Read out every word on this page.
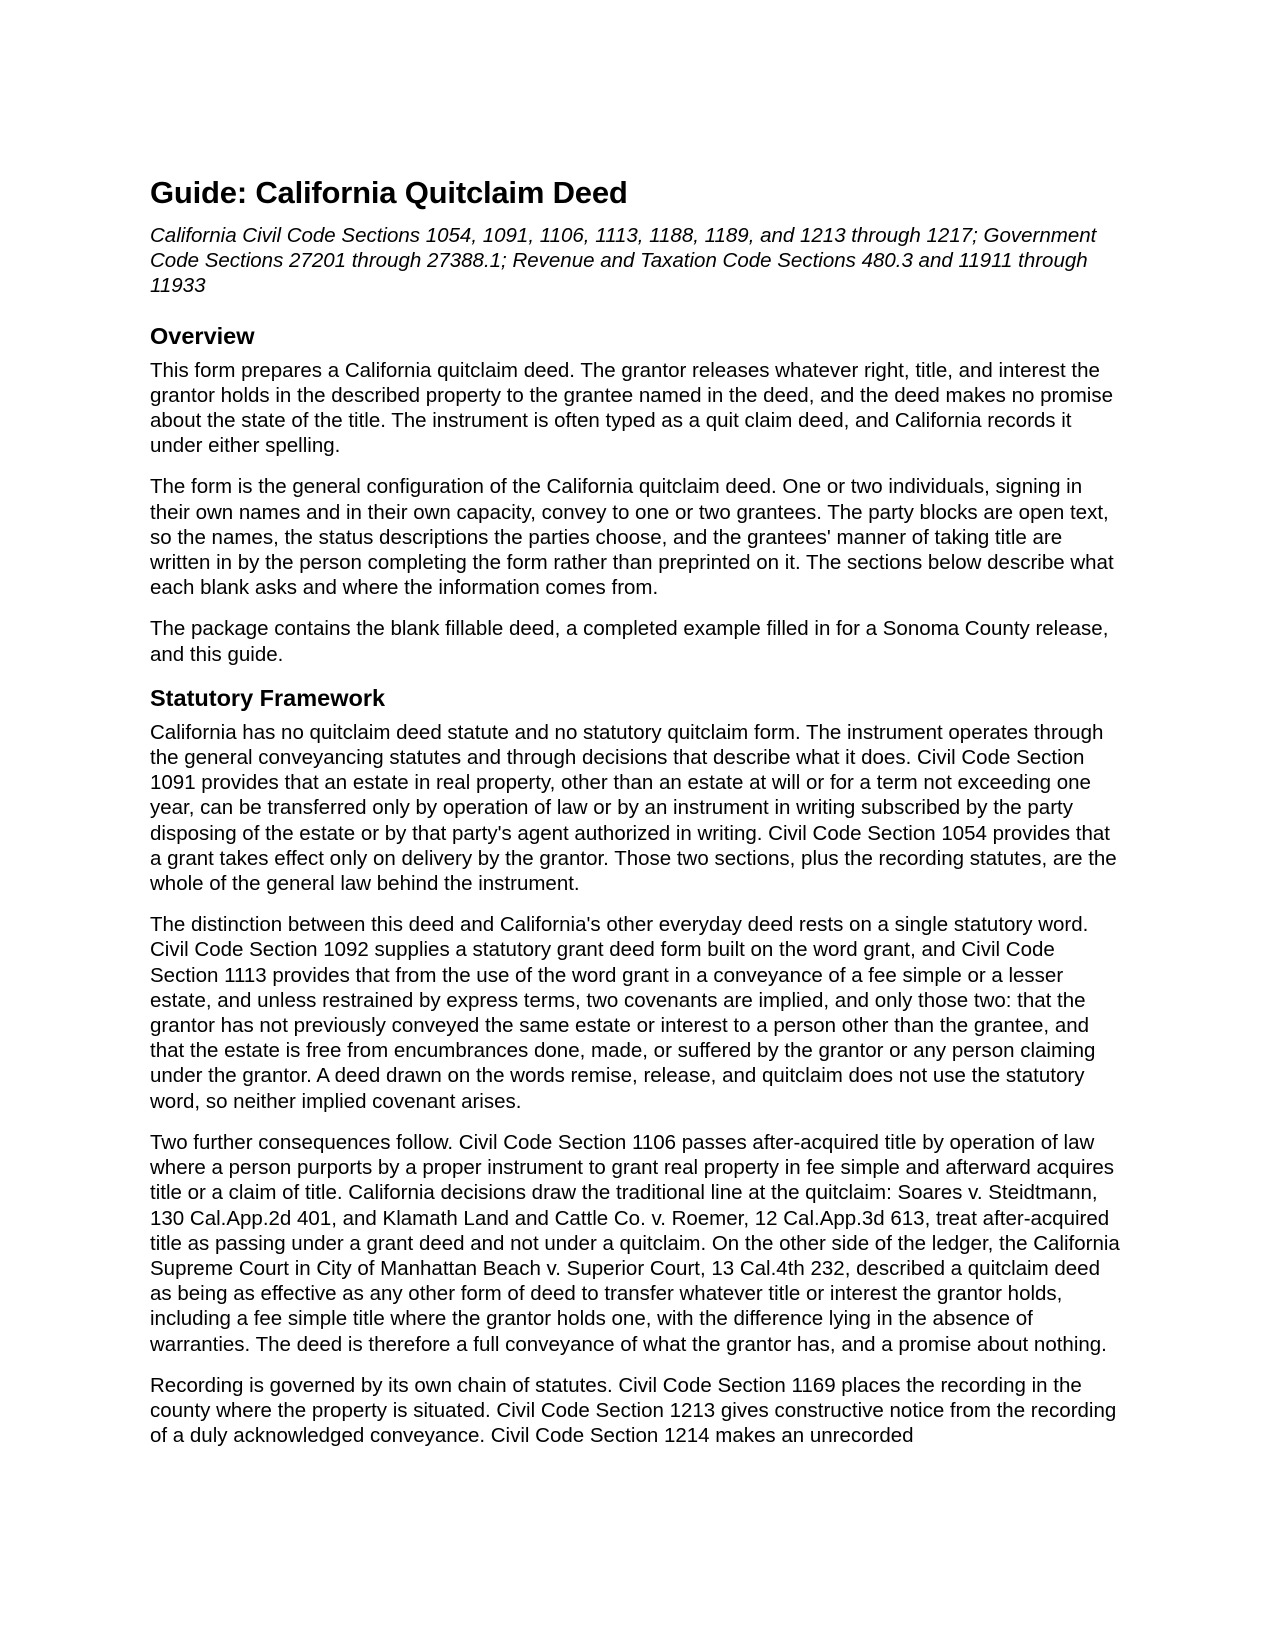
Guide: California Quitclaim Deed

California Civil Code Sections 1054, 1091, 1106, 1113, 1188, 1189, and 1213 through 1217; Government Code Sections 27201 through 27388.1; Revenue and Taxation Code Sections 480.3 and 11911 through 11933

Overview

This form prepares a California quitclaim deed. The grantor releases whatever right, title, and interest the grantor holds in the described property to the grantee named in the deed, and the deed makes no promise about the state of the title. The instrument is often typed as a quit claim deed, and California records it under either spelling.

The form is the general configuration of the California quitclaim deed. One or two individuals, signing in their own names and in their own capacity, convey to one or two grantees. The party blocks are open text, so the names, the status descriptions the parties choose, and the grantees' manner of taking title are written in by the person completing the form rather than preprinted on it. The sections below describe what each blank asks and where the information comes from.

The package contains the blank fillable deed, a completed example filled in for a Sonoma County release, and this guide.

Statutory Framework

California has no quitclaim deed statute and no statutory quitclaim form. The instrument operates through the general conveyancing statutes and through decisions that describe what it does. Civil Code Section 1091 provides that an estate in real property, other than an estate at will or for a term not exceeding one year, can be transferred only by operation of law or by an instrument in writing subscribed by the party disposing of the estate or by that party's agent authorized in writing. Civil Code Section 1054 provides that a grant takes effect only on delivery by the grantor. Those two sections, plus the recording statutes, are the whole of the general law behind the instrument.

The distinction between this deed and California's other everyday deed rests on a single statutory word. Civil Code Section 1092 supplies a statutory grant deed form built on the word grant, and Civil Code Section 1113 provides that from the use of the word grant in a conveyance of a fee simple or a lesser estate, and unless restrained by express terms, two covenants are implied, and only those two: that the grantor has not previously conveyed the same estate or interest to a person other than the grantee, and that the estate is free from encumbrances done, made, or suffered by the grantor or any person claiming under the grantor. A deed drawn on the words remise, release, and quitclaim does not use the statutory word, so neither implied covenant arises.

Two further consequences follow. Civil Code Section 1106 passes after-acquired title by operation of law where a person purports by a proper instrument to grant real property in fee simple and afterward acquires title or a claim of title. California decisions draw the traditional line at the quitclaim: Soares v. Steidtmann, 130 Cal.App.2d 401, and Klamath Land and Cattle Co. v. Roemer, 12 Cal.App.3d 613, treat after-acquired title as passing under a grant deed and not under a quitclaim. On the other side of the ledger, the California Supreme Court in City of Manhattan Beach v. Superior Court, 13 Cal.4th 232, described a quitclaim deed as being as effective as any other form of deed to transfer whatever title or interest the grantor holds, including a fee simple title where the grantor holds one, with the difference lying in the absence of warranties. The deed is therefore a full conveyance of what the grantor has, and a promise about nothing.

Recording is governed by its own chain of statutes. Civil Code Section 1169 places the recording in the county where the property is situated. Civil Code Section 1213 gives constructive notice from the recording of a duly acknowledged conveyance. Civil Code Section 1214 makes an unrecorded
